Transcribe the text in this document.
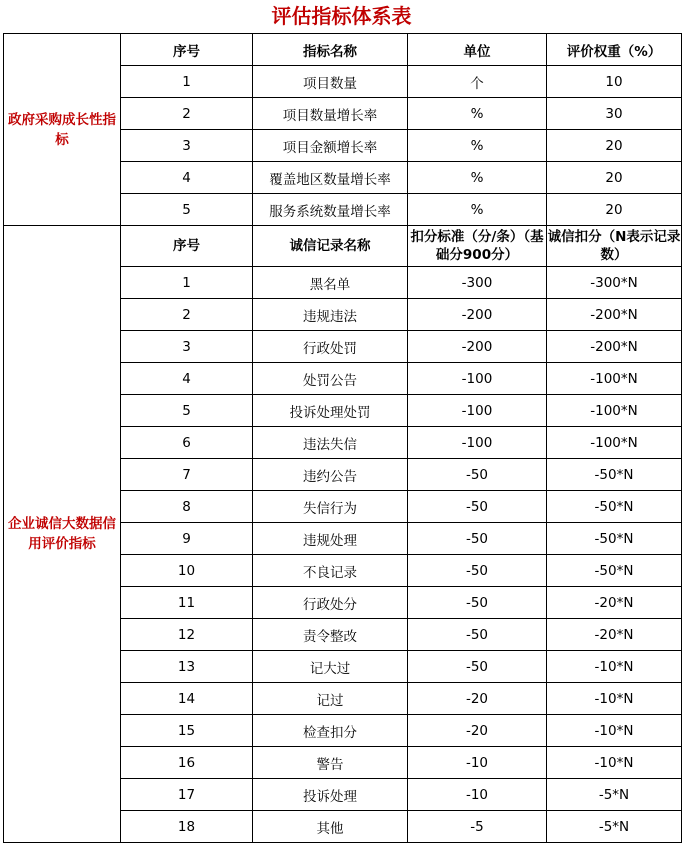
评估指标体系表
政府采购成长性指标	序号	指标名称	单位	评价权重（%）
	1	项目数量	个	10
	2	项目数量增长率	%	30
	3	项目金额增长率	%	20
	4	覆盖地区数量增长率	%	20
	5	服务系统数量增长率	%	20
企业诚信大数据信用评价指标	序号	诚信记录名称	扣分标准（分/条）（基础分900分）	诚信扣分（N表示记录数）
	1	黑名单	-300	-300*N
	2	违规违法	-200	-200*N
	3	行政处罚	-200	-200*N
	4	处罚公告	-100	-100*N
	5	投诉处理处罚	-100	-100*N
	6	违法失信	-100	-100*N
	7	违约公告	-50	-50*N
	8	失信行为	-50	-50*N
	9	违规处理	-50	-50*N
	10	不良记录	-50	-50*N
	11	行政处分	-50	-20*N
	12	责令整改	-50	-20*N
	13	记大过	-50	-10*N
	14	记过	-20	-10*N
	15	检查扣分	-20	-10*N
	16	警告	-10	-10*N
	17	投诉处理	-10	-5*N
	18	其他	-5	-5*N
